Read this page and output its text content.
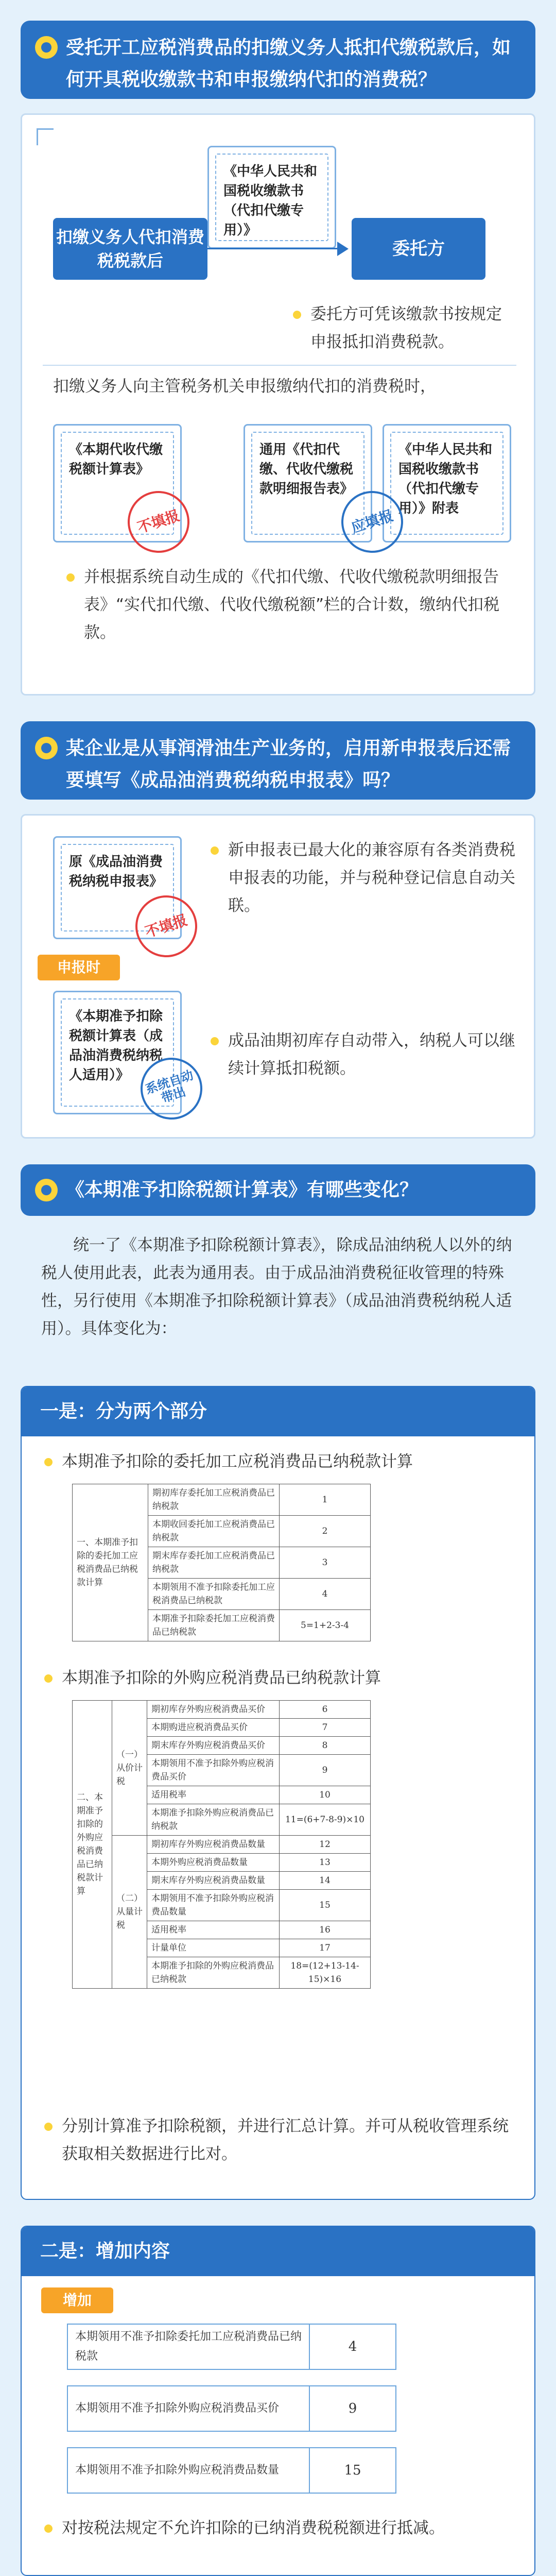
受托开工应税消费品的扣缴义务人抵扣代缴税款后，如何开具税收缴款书和申报缴纳代扣的消费税？
《中华人民共和国税收缴款书（代扣代缴专用）》
扣缴义务人代扣消费税税款后
委托方
委托方可凭该缴款书按规定申报抵扣消费税款。
扣缴义务人向主管税务机关申报缴纳代扣的消费税时，
《本期代收代缴税额计算表》
不填报
通用《代扣代缴、代收代缴税款明细报告表》
《中华人民共和国税收缴款书（代扣代缴专用）》附表
应填报
并根据系统自动生成的《代扣代缴、代收代缴税款明细报告表》“实代扣代缴、代收代缴税额”栏的合计数，缴纳代扣税款。
某企业是从事润滑油生产业务的，启用新申报表后还需要填写《成品油消费税纳税申报表》吗？
原《成品油消费税纳税申报表》
不填报
新申报表已最大化的兼容原有各类消费税申报表的功能，并与税种登记信息自动关联。
申报时
《本期准予扣除税额计算表（成品油消费税纳税人适用）》	系统自动带出
成品油期初库存自动带入，纳税人可以继续计算抵扣税额。
《本期准予扣除税额计算表》有哪些变化？
统一了《本期准予扣除税额计算表》，除成品油纳税人以外的纳税人使用此表，此表为通用表。由于成品油消费税征收管理的特殊性，另行使用《本期准予扣除税额计算表》（成品油消费税纳税人适用）。具体变化为：
一是：分为两个部分
本期准予扣除的委托加工应税消费品已纳税款计算
一、本期准予扣除的委托加工应税消费品已纳税款计算	期初库存委托加工应税消费品已纳税款	1
	本期收回委托加工应税消费品已纳税款	2
	期末库存委托加工应税消费品已纳税款	3
	本期领用不准予扣除委托加工应税消费品已纳税款	4
	本期准予扣除委托加工应税消费品已纳税款	5=1+2-3-4
本期准予扣除的外购应税消费品已纳税款计算
二、本期准予扣除的外购应税消费品已纳税款计算	（一）从价计税	期初库存外购应税消费品买价	6
		本期购进应税消费品买价	7
		期末库存外购应税消费品买价	8
		本期领用不准予扣除外购应税消费品买价	9
		适用税率	10
		本期准予扣除外购应税消费品已纳税款	11=(6+7-8-9)×10
	（二）从量计税	期初库存外购应税消费品数量	12
		本期外购应税消费品数量	13
		期末库存外购应税消费品数量	14
		本期领用不准予扣除外购应税消费品数量	15
		适用税率	16
		计量单位	17
		本期准予扣除的外购应税消费品已纳税款	18=(12+13-14-15)×16
分别计算准予扣除税额，并进行汇总计算。并可从税收管理系统获取相关数据进行比对。
二是：增加内容
增加
本期领用不准予扣除委托加工应税消费品已纳税款
4
本期领用不准予扣除外购应税消费品买价	9
本期领用不准予扣除外购应税消费品数量	15
对按税法规定不允许扣除的已纳消费税税额进行抵减。
